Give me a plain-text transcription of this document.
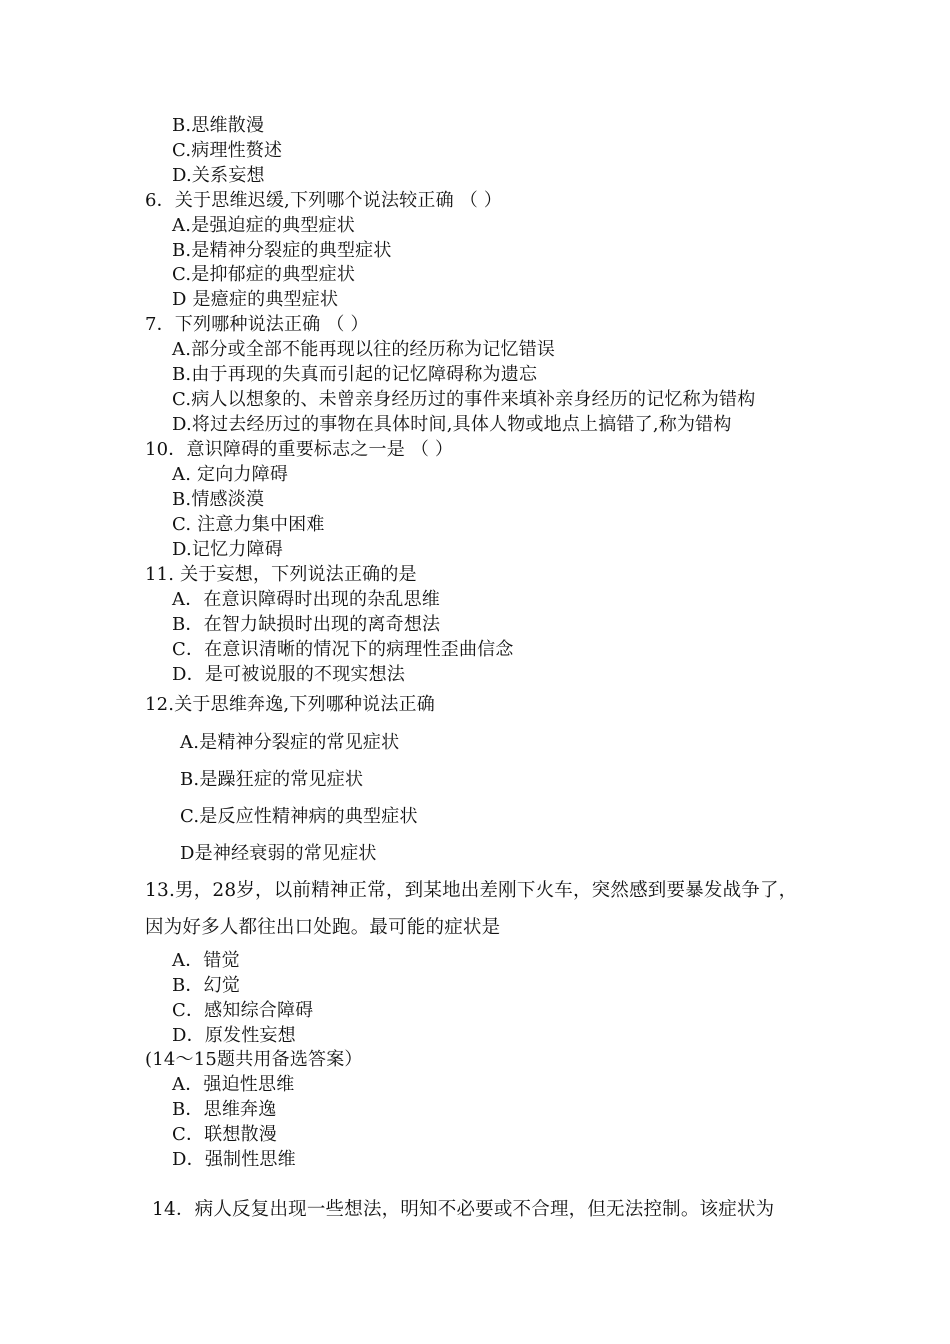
B.思维散漫
C.病理性赘述
D.关系妄想
6．关于思维迟缓,下列哪个说法较正确 （ ）
A.是强迫症的典型症状
B.是精神分裂症的典型症状
C.是抑郁症的典型症状
D 是癔症的典型症状
7．下列哪种说法正确 （ ）
A.部分或全部不能再现以往的经历称为记忆错误
B.由于再现的失真而引起的记忆障碍称为遗忘
C.病人以想象的、未曾亲身经历过的事件来填补亲身经历的记忆称为错构
D.将过去经历过的事物在具体时间,具体人物或地点上搞错了,称为错构
10．意识障碍的重要标志之一是 （ ）
A. 定向力障碍
B.情感淡漠
C. 注意力集中困难
D.记忆力障碍
11. 关于妄想，下列说法正确的是
A．在意识障碍时出现的杂乱思维
B．在智力缺损时出现的离奇想法
C．在意识清晰的情况下的病理性歪曲信念
D．是可被说服的不现实想法
12.关于思维奔逸,下列哪种说法正确
A.是精神分裂症的常见症状
B.是躁狂症的常见症状
C.是反应性精神病的典型症状
D是神经衰弱的常见症状
13.男，28岁，以前精神正常，到某地出差刚下火车，突然感到要暴发战争了，
因为好多人都往出口处跑。最可能的症状是
A．错觉
B．幻觉
C．感知综合障碍
D．原发性妄想
(14～15题共用备选答案）
A．强迫性思维
B．思维奔逸
C．联想散漫
D．强制性思维
14．病人反复出现一些想法，明知不必要或不合理，但无法控制。该症状为
